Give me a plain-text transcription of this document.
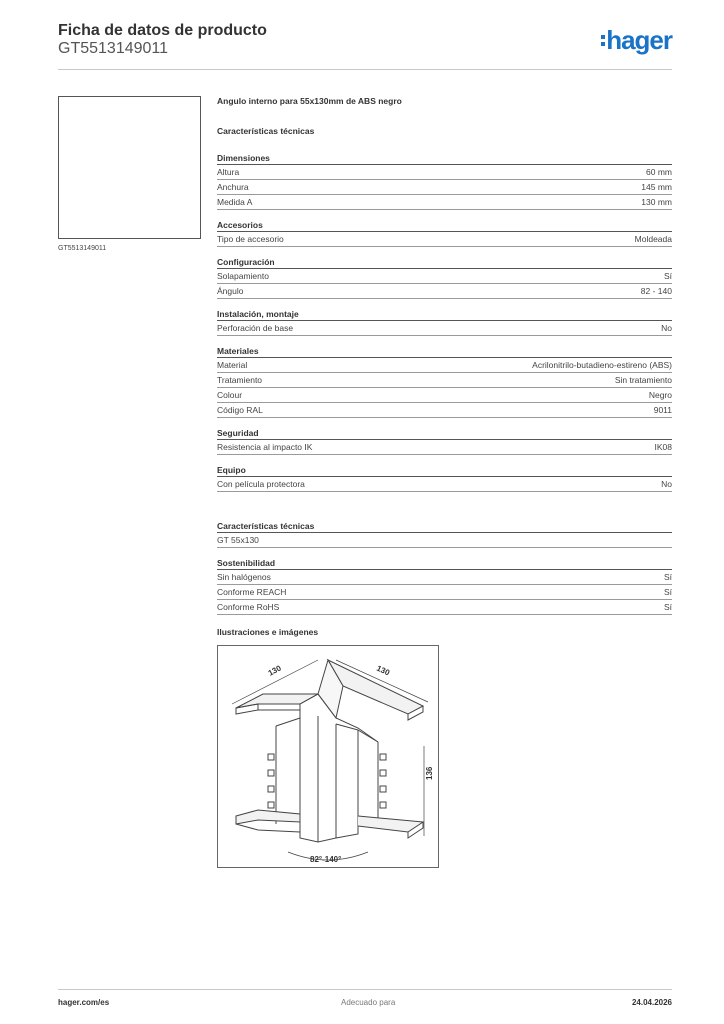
Ficha de datos de producto
GT5513149011	hager
GT5513149011
Angulo interno para 55x130mm de ABS negro
Características técnicas
Dimensiones
Altura	60 mm
Anchura	145 mm
Medida A	130 mm
Accesorios
Tipo de accesorio	Moldeada
Configuración
Solapamiento	Sí
Ángulo	82 - 140
Instalación, montaje
Perforación de base	No
Materiales
Material	Acrilonitrilo-butadieno-estireno (ABS)
Tratamiento	Sin tratamiento
Colour	Negro
Código RAL	9011
Seguridad
Resistencia al impacto IK	IK08
Equipo
Con película protectora	No
Características técnicas
GT 55x130
Sostenibilidad
Sin halógenos	Sí
Conforme REACH	Sí
Conforme RoHS	Sí
Ilustraciones e imágenes
130	130
136
82°-140°
hager.com/es	Adecuado para	24.04.2026
